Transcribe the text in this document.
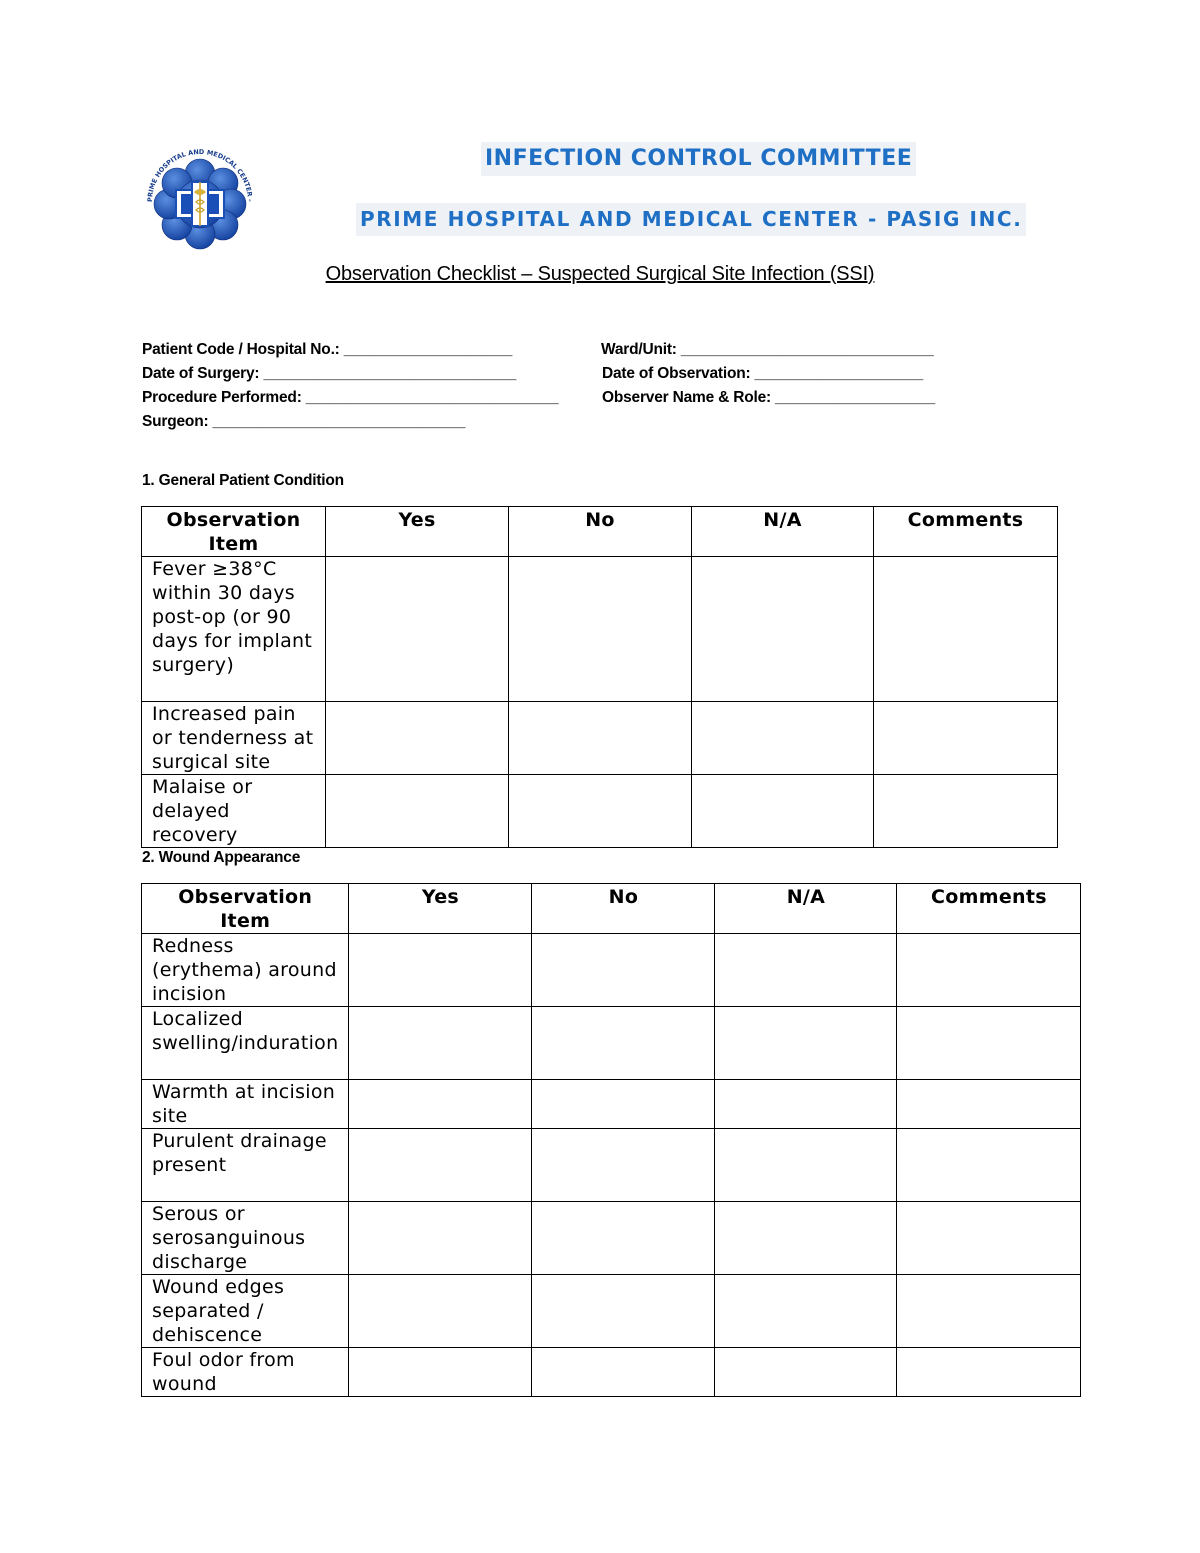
PRIME HOSPITAL AND MEDICAL CENTER -
INFECTION CONTROL COMMITTEE
PRIME HOSPITAL AND MEDICAL CENTER - PASIG INC.
Observation Checklist – Suspected Surgical Site Infection (SSI)
Patient Code / Hospital No.: ____________________	Ward/Unit: ______________________________
Date of Surgery: ______________________________	Date of Observation: ____________________
Procedure Performed: ______________________________	Observer Name & Role: ___________________
Surgeon: ______________________________
1. General Patient Condition
Observation Item	Yes	No	N/A	Comments
Fever ≥38°C within 30 days post-op (or 90 days for implant surgery)				
Increased pain or tenderness at surgical site				
Malaise or delayed recovery				
2. Wound Appearance
Observation Item	Yes	No	N/A	Comments
Redness (erythema) around incision				
Localized swelling/induration				
Warmth at incision site				
Purulent drainage present				
Serous or serosanguinous discharge				
Wound edges separated / dehiscence				
Foul odor from wound				
